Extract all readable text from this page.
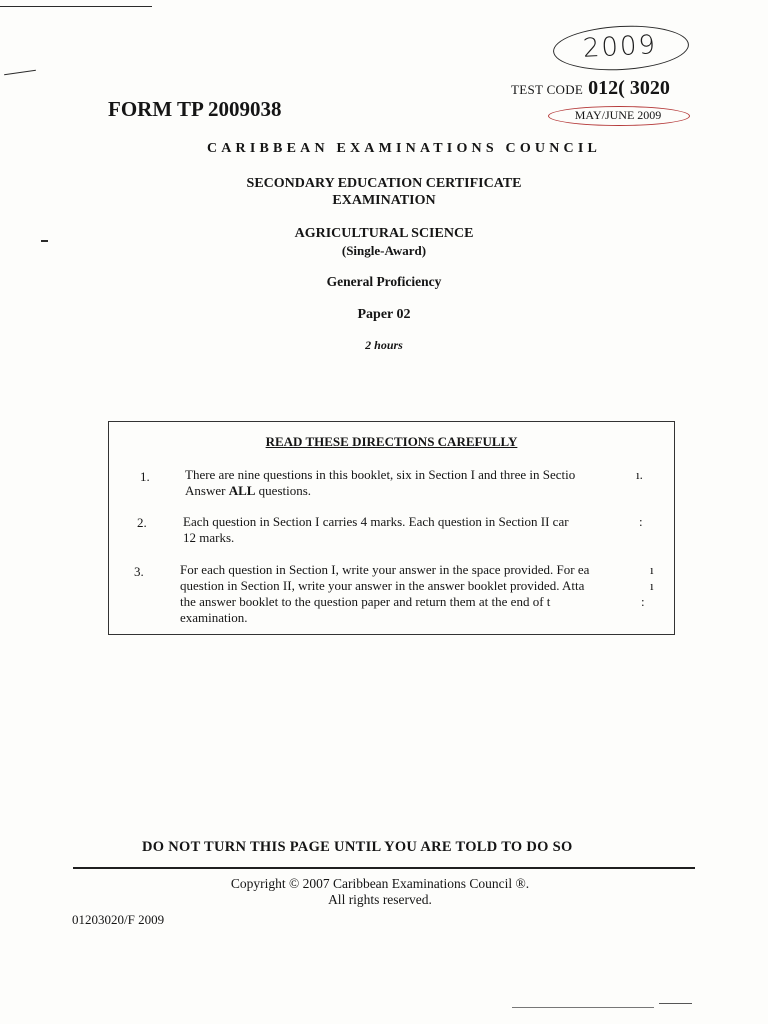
2009
TEST CODE 012( 3020
MAY/JUNE 2009
FORM TP 2009038
CARIBBEAN EXAMINATIONS COUNCIL
SECONDARY EDUCATION CERTIFICATE
EXAMINATION
AGRICULTURAL SCIENCE
(Single-Award)
General Proficiency
Paper 02
2 hours
READ THESE DIRECTIONS CAREFULLY
1.	There are nine questions in this booklet, six in Section I and three in Sectio
Answer ALL questions.
ı.
2.	Each question in Section I carries 4 marks. Each question in Section II car
12 marks.
:
3.	For each question in Section I, write your answer in the space provided. For ea
question in Section II, write your answer in the answer booklet provided. Atta
the answer booklet to the question paper and return them at the end of t
examination.
ı
ı
:
DO NOT TURN THIS PAGE UNTIL YOU ARE TOLD TO DO SO
Copyright © 2007 Caribbean Examinations Council ®.
All rights reserved.
01203020/F 2009
